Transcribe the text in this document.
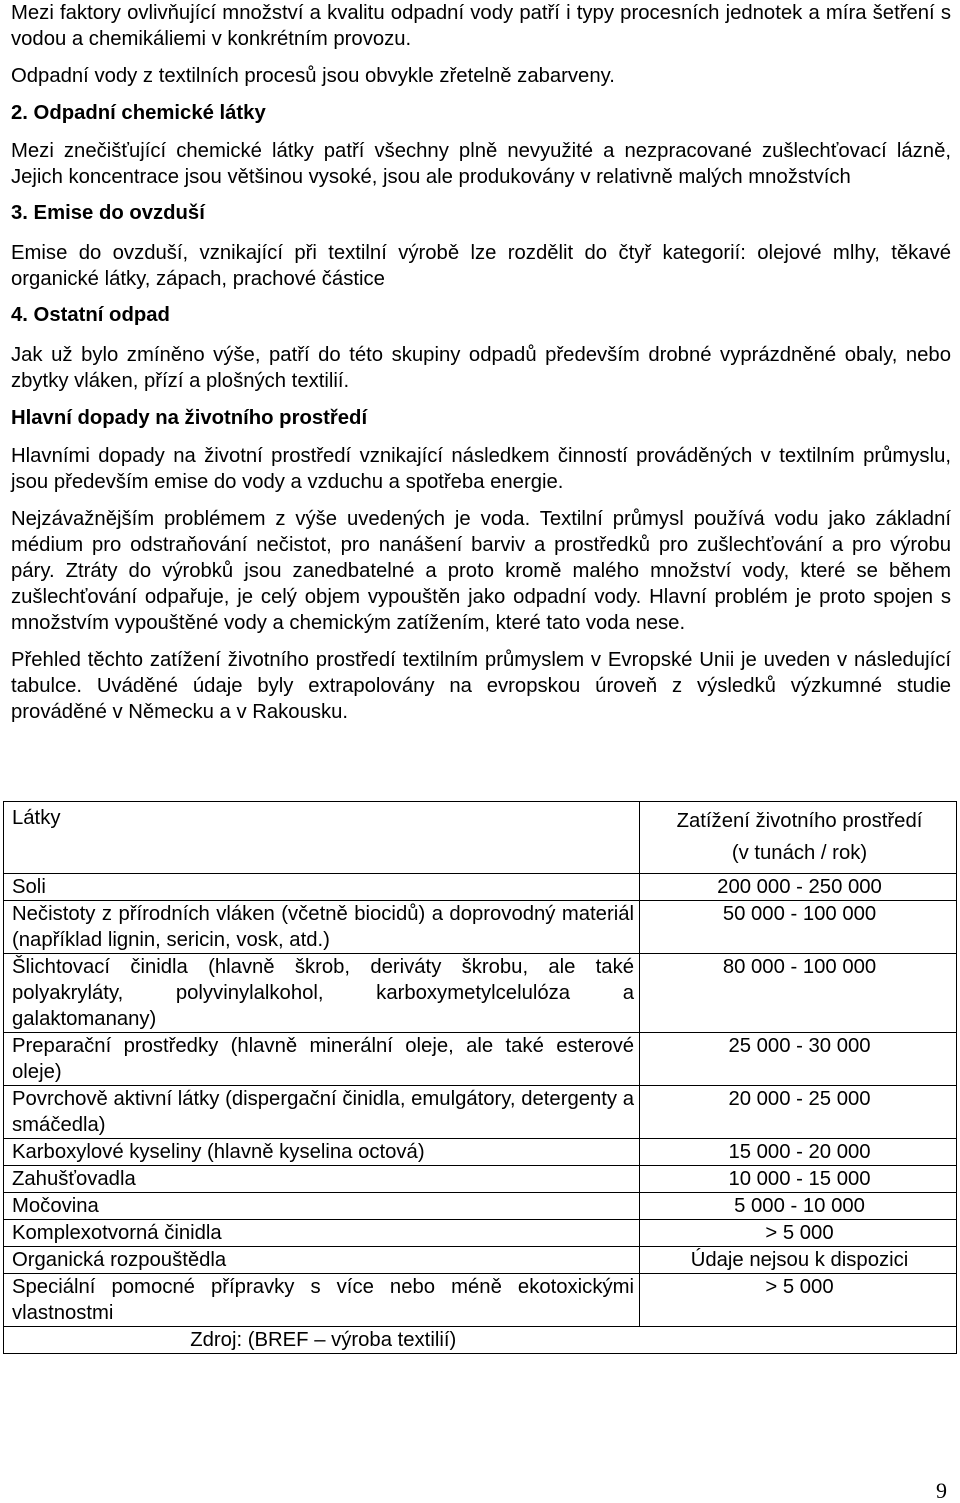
Mezi faktory ovlivňující množství a kvalitu odpadní vody patří i typy procesních jednotek a míra šetření s vodou a chemikáliemi v konkrétním provozu.

Odpadní vody z textilních procesů jsou obvykle zřetelně zabarveny.

2. Odpadní chemické látky

Mezi znečišťující chemické látky patří všechny plně nevyužité a nezpracované zušlechťovací lázně, Jejich koncentrace jsou většinou vysoké, jsou ale produkovány v relativně malých množstvích

3. Emise do ovzduší

Emise do ovzduší, vznikající při textilní výrobě lze rozdělit do čtyř kategorií: olejové mlhy, těkavé organické látky, zápach, prachové částice

4. Ostatní odpad

Jak už bylo zmíněno výše, patří do této skupiny odpadů především drobné vyprázdněné obaly, nebo zbytky vláken, přízí a plošných textilií.

Hlavní dopady na životního prostředí

Hlavními dopady na životní prostředí vznikající následkem činností prováděných v textilním průmyslu, jsou především emise do vody a vzduchu a spotřeba energie.

Nejzávažnějším problémem z výše uvedených je voda. Textilní průmysl používá vodu jako základní médium pro odstraňování nečistot, pro nanášení barviv a prostředků pro zušlechťování a pro výrobu páry. Ztráty do výrobků jsou zanedbatelné a proto kromě malého množství vody, které se během zušlechťování odpařuje, je celý objem vypouštěn jako odpadní vody. Hlavní problém je proto spojen s množstvím vypouštěné vody a chemickým zatížením, které tato voda nese.

Přehled těchto zatížení životního prostředí textilním průmyslem v Evropské Unii je uveden v následující tabulce. Uváděné údaje byly extrapolovány na evropskou úroveň z výsledků výzkumné studie prováděné v Německu a v Rakousku.

Látky	Zatížení životního prostředí
(v tunách / rok)

Soli	200 000 - 250 000
Nečistoty z přírodních vláken (včetně biocidů) a doprovodný materiál (například lignin, sericin, vosk, atd.)	50 000 - 100 000
Šlichtovací činidla (hlavně škrob, deriváty škrobu, ale také polyakryláty, polyvinylalkohol, karboxymetylcelulóza a galaktomanany)	80 000 - 100 000
Preparační prostředky (hlavně minerální oleje, ale také esterové oleje)	25 000 - 30 000
Povrchově aktivní látky (dispergační činidla, emulgátory, detergenty a smáčedla)	20 000 - 25 000
Karboxylové kyseliny (hlavně kyselina octová)	15 000 - 20 000
Zahušťovadla	10 000 - 15 000
Močovina	5 000 - 10 000
Komplexotvorná činidla	> 5 000
Organická rozpouštědla	Údaje nejsou k dispozici
Speciální pomocné přípravky s více nebo méně ekotoxickými vlastnostmi	> 5 000
Zdroj: (BREF – výroba textilií)	
9
